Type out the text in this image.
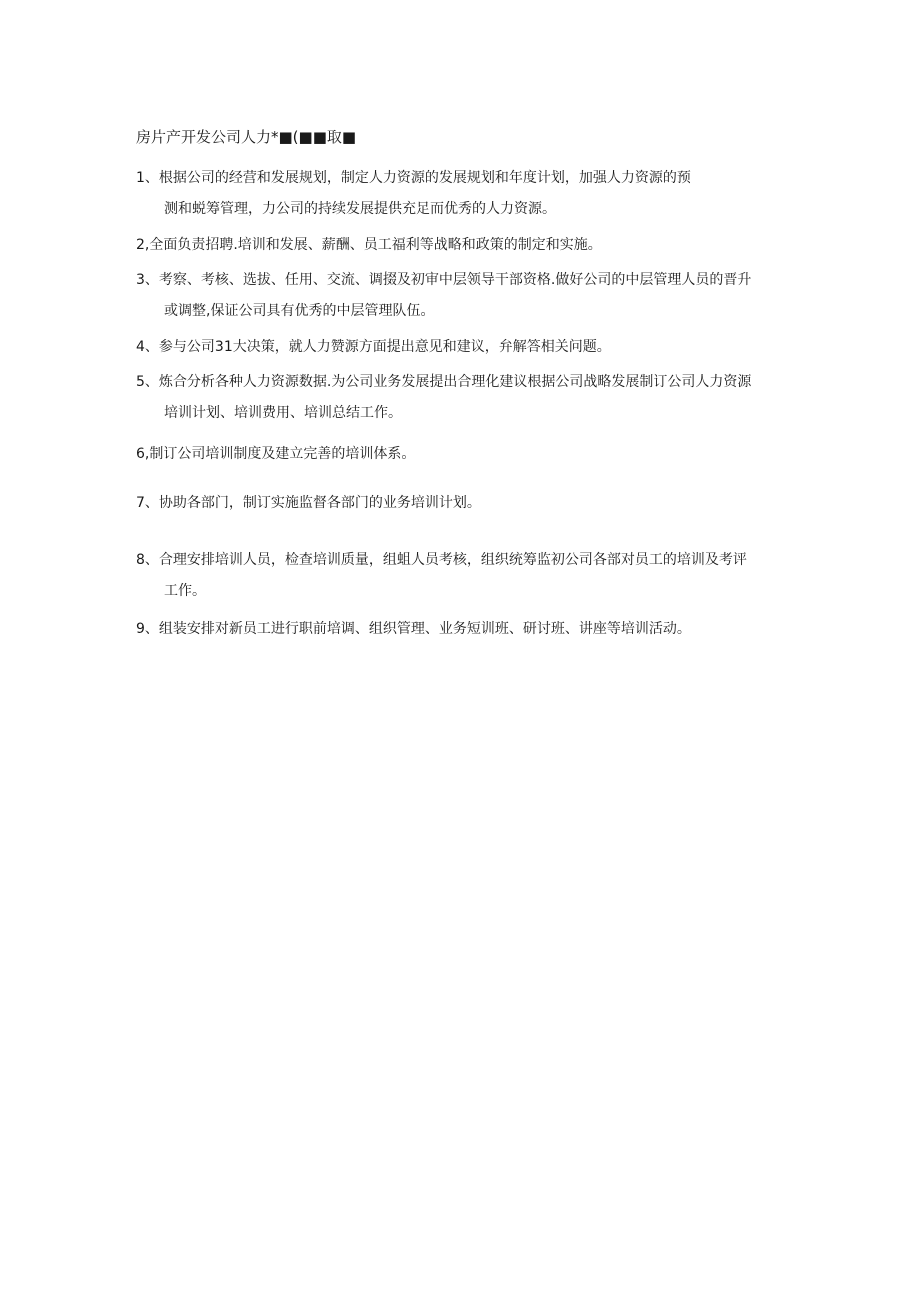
房片产开发公司人力*■(■■取■
1、根据公司的经营和发展规划，制定人力资源的发展规划和年度计划，加强人力资源的预
测和蜕筹管理，力公司的持续发展提供充足而优秀的人力资源。
2,全面负责招聘.培训和发展、薪酬、员工福利等战略和政策的制定和实施。
3、考察、考核、选拔、任用、交流、调掇及初审中层领导干部资格.做好公司的中层管理人员的晋升
或调整,保证公司具有优秀的中层管理队伍。
4、参与公司31大决策，就人力赞源方面提出意见和建议，弁解答相关问题。
5、炼合分析各种人力资源数据.为公司业务发展提出合理化建议根据公司战略发展制订公司人力资源
培训计划、培训费用、培训总结工作。
6,制订公司培训制度及建立完善的培训体系。
7、协助各部门，制订实施监督各部门的业务培训计划。
8、合理安排培训人员，检查培训质量，组蛆人员考核，组织统筹监初公司各部对员工的培训及考评
工作。
9、组装安排对新员工进行职前培调、组织管理、业务短训班、研讨班、讲座等培训活动。
